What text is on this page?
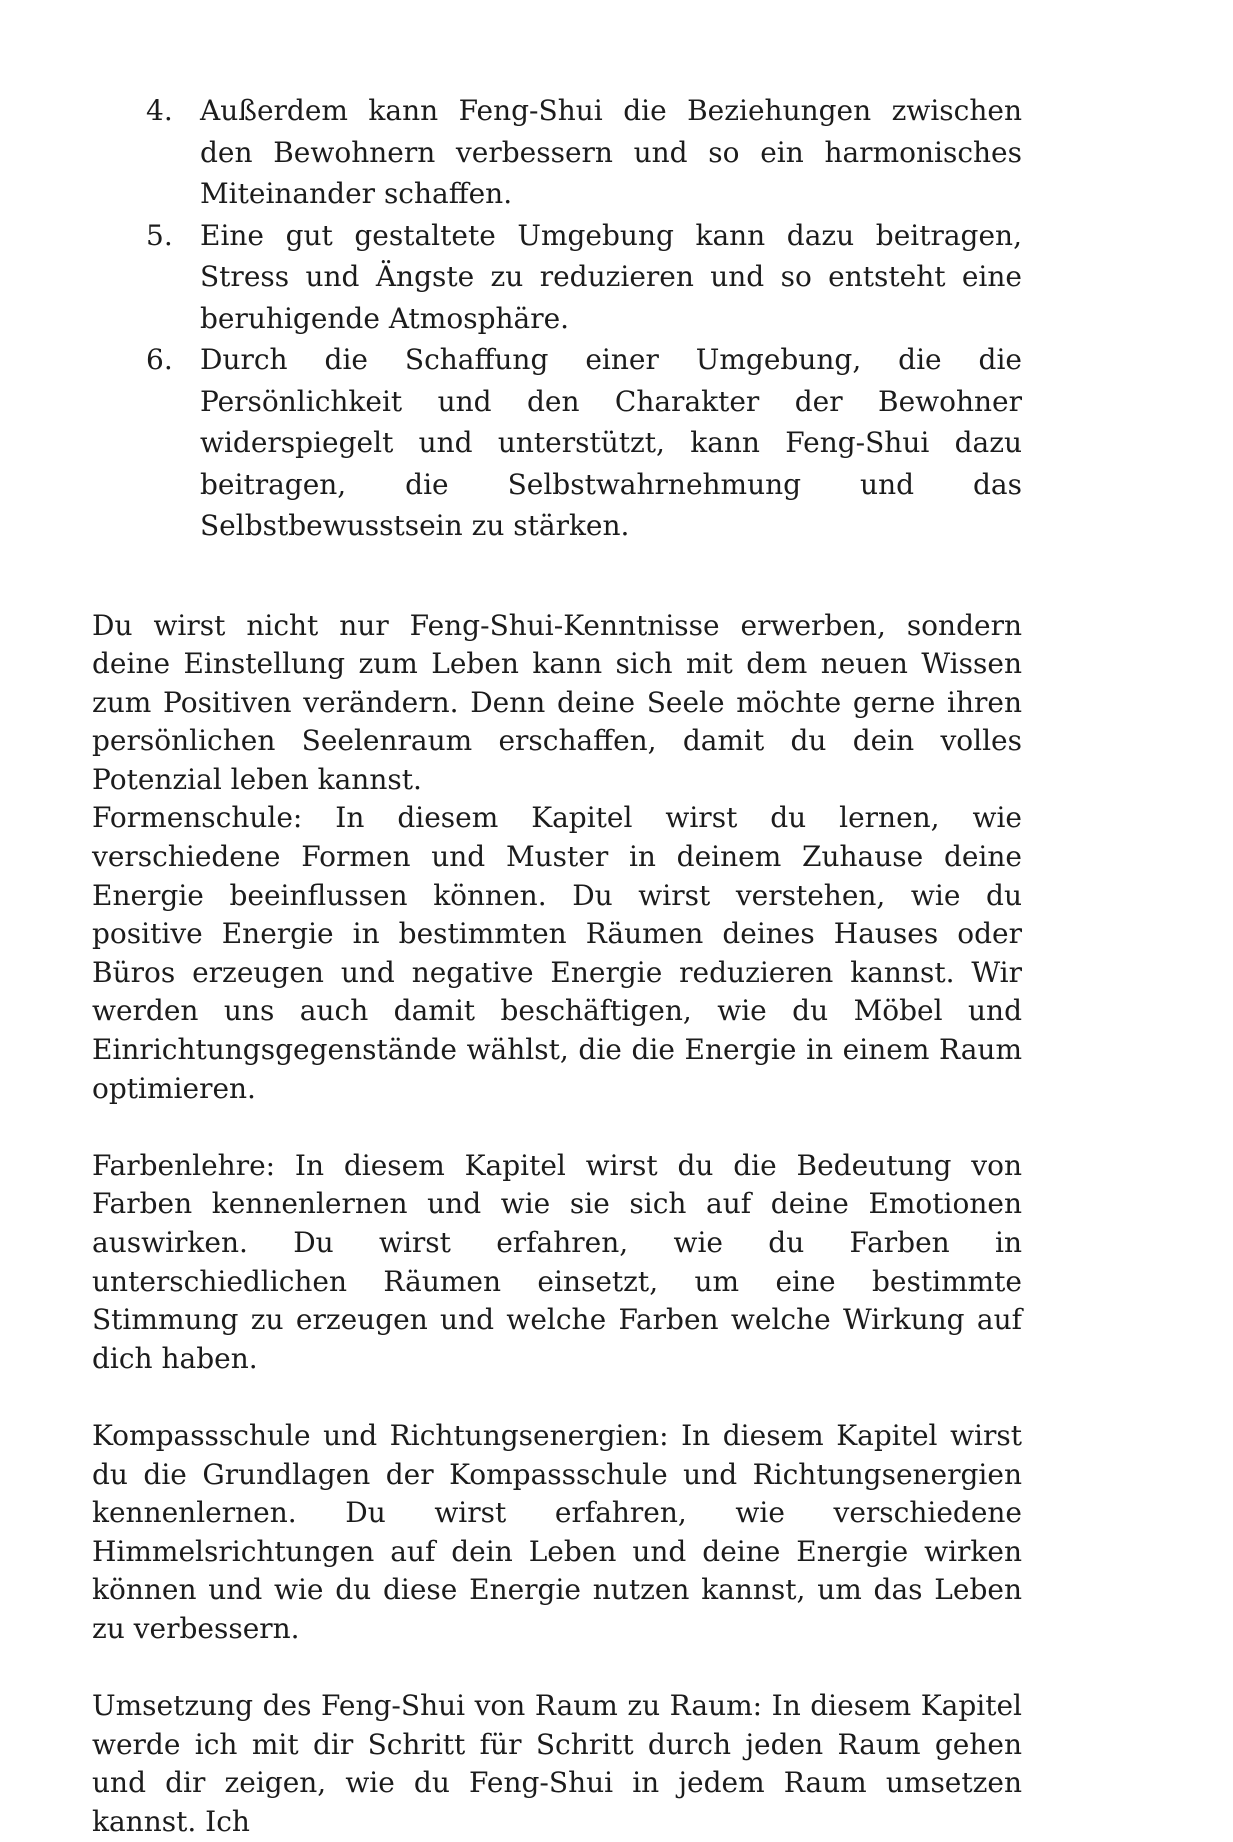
4. Außerdem kann Feng-Shui die Beziehungen zwischen den Bewohnern verbessern und so ein harmonisches Miteinander schaffen.
5. Eine gut gestaltete Umgebung kann dazu beitragen, Stress und Ängste zu reduzieren und so entsteht eine beruhigende Atmosphäre.
6. Durch die Schaffung einer Umgebung, die die Persönlichkeit und den Charakter der Bewohner widerspiegelt und unterstützt, kann Feng-Shui dazu beitragen, die Selbstwahrnehmung und das Selbstbewusstsein zu stärken.

Du wirst nicht nur Feng-Shui-Kenntnisse erwerben, sondern deine Einstellung zum Leben kann sich mit dem neuen Wissen zum Positiven verändern. Denn deine Seele möchte gerne ihren persönlichen Seelenraum erschaffen, damit du dein volles Potenzial leben kannst.

Formenschule: In diesem Kapitel wirst du lernen, wie verschiedene Formen und Muster in deinem Zuhause deine Energie beeinflussen können. Du wirst verstehen, wie du positive Energie in bestimmten Räumen deines Hauses oder Büros erzeugen und negative Energie reduzieren kannst. Wir werden uns auch damit beschäftigen, wie du Möbel und Einrichtungsgegenstände wählst, die die Energie in einem Raum optimieren.

Farbenlehre: In diesem Kapitel wirst du die Bedeutung von Farben kennenlernen und wie sie sich auf deine Emotionen auswirken. Du wirst erfahren, wie du Farben in unterschiedlichen Räumen einsetzt, um eine bestimmte Stimmung zu erzeugen und welche Farben welche Wirkung auf dich haben.

Kompassschule und Richtungsenergien: In diesem Kapitel wirst du die Grundlagen der Kompassschule und Richtungsenergien kennenlernen. Du wirst erfahren, wie verschiedene Himmelsrichtungen auf dein Leben und deine Energie wirken können und wie du diese Energie nutzen kannst, um das Leben zu verbessern.

Umsetzung des Feng-Shui von Raum zu Raum: In diesem Kapitel werde ich mit dir Schritt für Schritt durch jeden Raum gehen und dir zeigen, wie du Feng-Shui in jedem Raum umsetzen kannst. Ich
